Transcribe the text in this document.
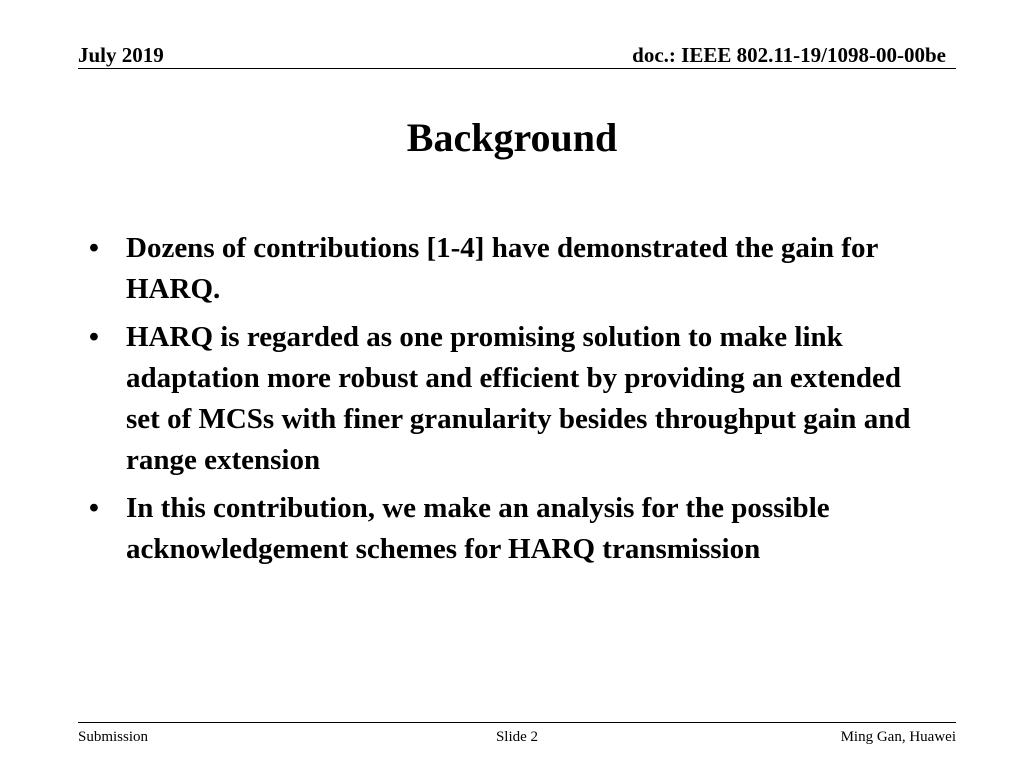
July 2019	doc.: IEEE 802.11-19/1098-00-00be
Background
• Dozens of contributions [1-4] have demonstrated the gain for HARQ.
• HARQ is regarded as one promising solution to make link adaptation more robust and efficient by providing an extended set of MCSs with finer granularity besides throughput gain and range extension
• In this contribution, we make an analysis for the possible acknowledgement schemes for HARQ transmission
Submission	Slide 2	Ming Gan, Huawei
